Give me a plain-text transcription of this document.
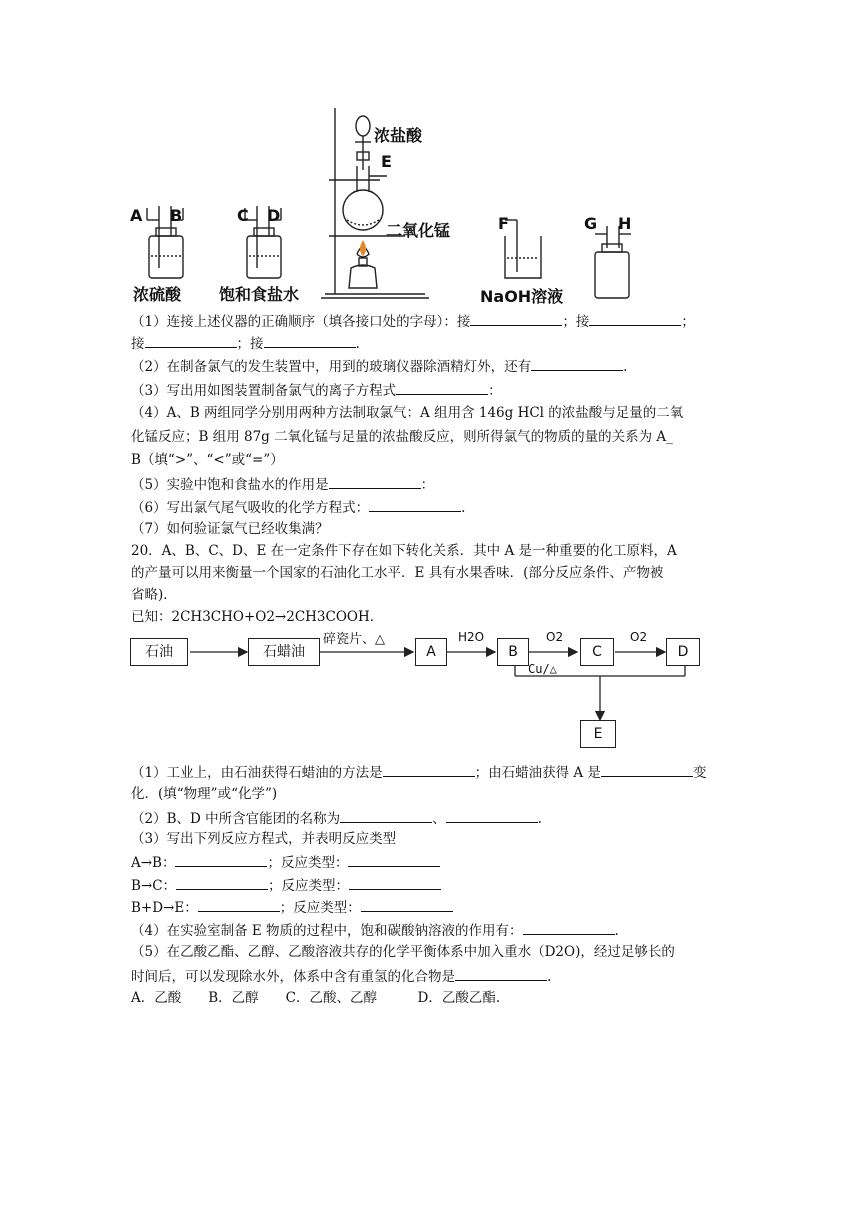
A B	C D
E
F	G H
浓硫酸 饱和食盐水
浓盐酸
二氧化锰
NaOH溶液
（1）连接上述仪器的正确顺序（填各接口处的字母）：接	；接	；
接	；接	.
（2）在制备氯气的发生装置中，用到的玻璃仪器除酒精灯外，还有	.
（3）写出用如图装置制备氯气的离子方程式	：
（4）A、B 两组同学分别用两种方法制取氯气：A 组用含 146g HCl 的浓盐酸与足量的二氧
化锰反应；B 组用 87g 二氧化锰与足量的浓盐酸反应，则所得氯气的物质的量的关系为 A_
B（填“>”、“<”或“=”）
（5）实验中饱和食盐水的作用是	：
（6）写出氯气尾气吸收的化学方程式：	.
（7）如何验证氯气已经收集满？
20．A、B、C、D、E 在一定条件下存在如下转化关系．其中 A 是一种重要的化工原料，A
的产量可以用来衡量一个国家的石油化工水平．E 具有水果香味．(部分反应条件、产物被
省略)．
已知：2CH3CHO+O2→2CH3COOH．
石油	石蜡油	A	B	C	D
E
碎瓷片、△	H2O	O2	O2
Cu/△
（1）工业上，由石油获得石蜡油的方法是	；由石蜡油获得 A 是	变
化．(填“物理”或“化学”)
（2）B、D 中所含官能团的名称为	、	.
（3）写出下列反应方程式，并表明反应类型
A→B：	；反应类型：
B→C：	；反应类型：
B+D→E：	；反应类型：
（4）在实验室制备 E 物质的过程中，饱和碳酸钠溶液的作用有：	.
（5）在乙酸乙酯、乙醇、乙酸溶液共存的化学平衡体系中加入重水（D2O)，经过足够长的
时间后，可以发现除水外，体系中含有重氢的化合物是	.
A．乙酸　　B．乙醇　　C．乙酸、乙醇　　　D．乙酸乙酯.
